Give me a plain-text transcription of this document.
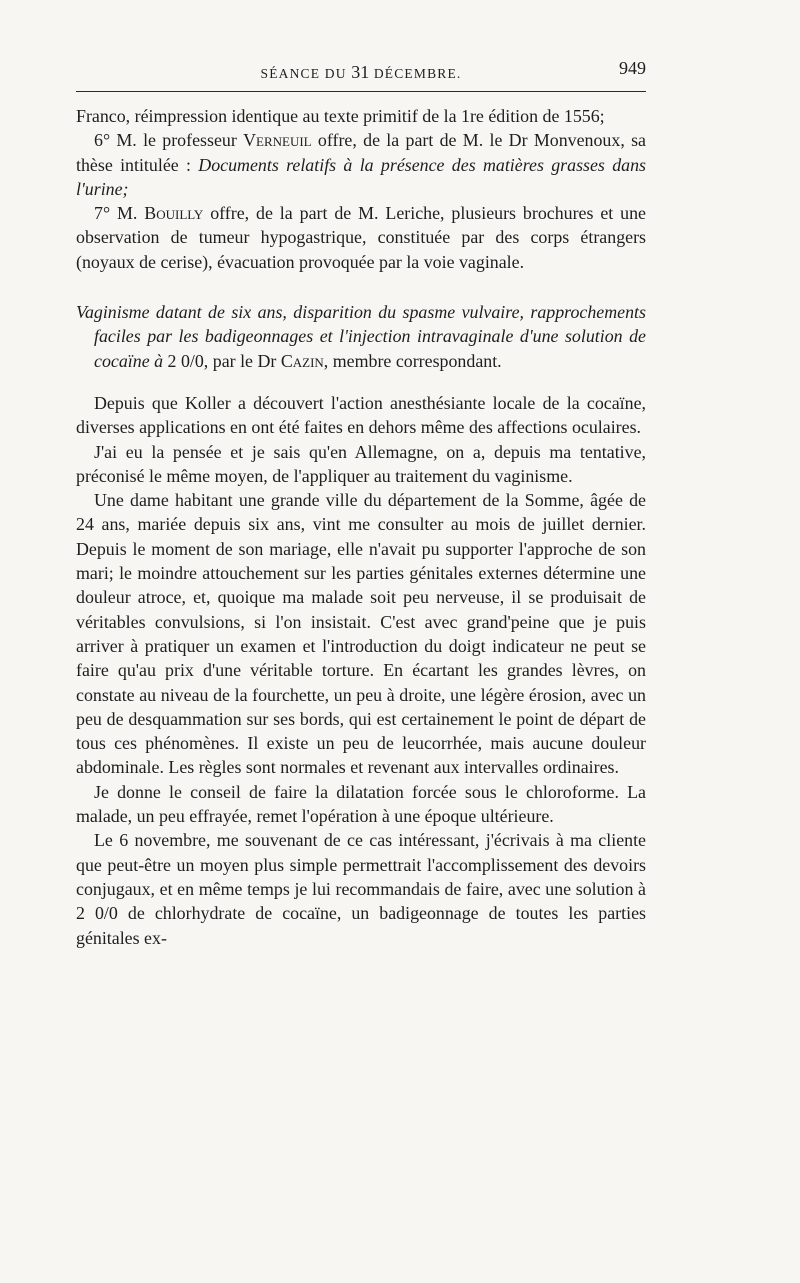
SÉANCE DU 31 DÉCEMBRE.	949

Franco, réimpression identique au texte primitif de la 1re édition de 1556;

6° M. le professeur Verneuil offre, de la part de M. le Dr Monvenoux, sa thèse intitulée : Documents relatifs à la présence des matières grasses dans l'urine;

7° M. Bouilly offre, de la part de M. Leriche, plusieurs brochures et une observation de tumeur hypogastrique, constituée par des corps étrangers (noyaux de cerise), évacuation provoquée par la voie vaginale.

Vaginisme datant de six ans, disparition du spasme vulvaire, rapprochements faciles par les badigeonnages et l'injection intravaginale d'une solution de cocaïne à 2 0/0, par le Dr Cazin, membre correspondant.

Depuis que Koller a découvert l'action anesthésiante locale de la cocaïne, diverses applications en ont été faites en dehors même des affections oculaires.

J'ai eu la pensée et je sais qu'en Allemagne, on a, depuis ma tentative, préconisé le même moyen, de l'appliquer au traitement du vaginisme.

Une dame habitant une grande ville du département de la Somme, âgée de 24 ans, mariée depuis six ans, vint me consulter au mois de juillet dernier. Depuis le moment de son mariage, elle n'avait pu supporter l'approche de son mari; le moindre attouchement sur les parties génitales externes détermine une douleur atroce, et, quoique ma malade soit peu nerveuse, il se produisait de véritables convulsions, si l'on insistait. C'est avec grand'peine que je puis arriver à pratiquer un examen et l'introduction du doigt indicateur ne peut se faire qu'au prix d'une véritable torture. En écartant les grandes lèvres, on constate au niveau de la fourchette, un peu à droite, une légère érosion, avec un peu de desquammation sur ses bords, qui est certainement le point de départ de tous ces phénomènes. Il existe un peu de leucorrhée, mais aucune douleur abdominale. Les règles sont normales et revenant aux intervalles ordinaires.

Je donne le conseil de faire la dilatation forcée sous le chloroforme. La malade, un peu effrayée, remet l'opération à une époque ultérieure.

Le 6 novembre, me souvenant de ce cas intéressant, j'écrivais à ma cliente que peut-être un moyen plus simple permettrait l'accomplissement des devoirs conjugaux, et en même temps je lui recommandais de faire, avec une solution à 2 0/0 de chlorhydrate de cocaïne, un badigeonnage de toutes les parties génitales ex-
